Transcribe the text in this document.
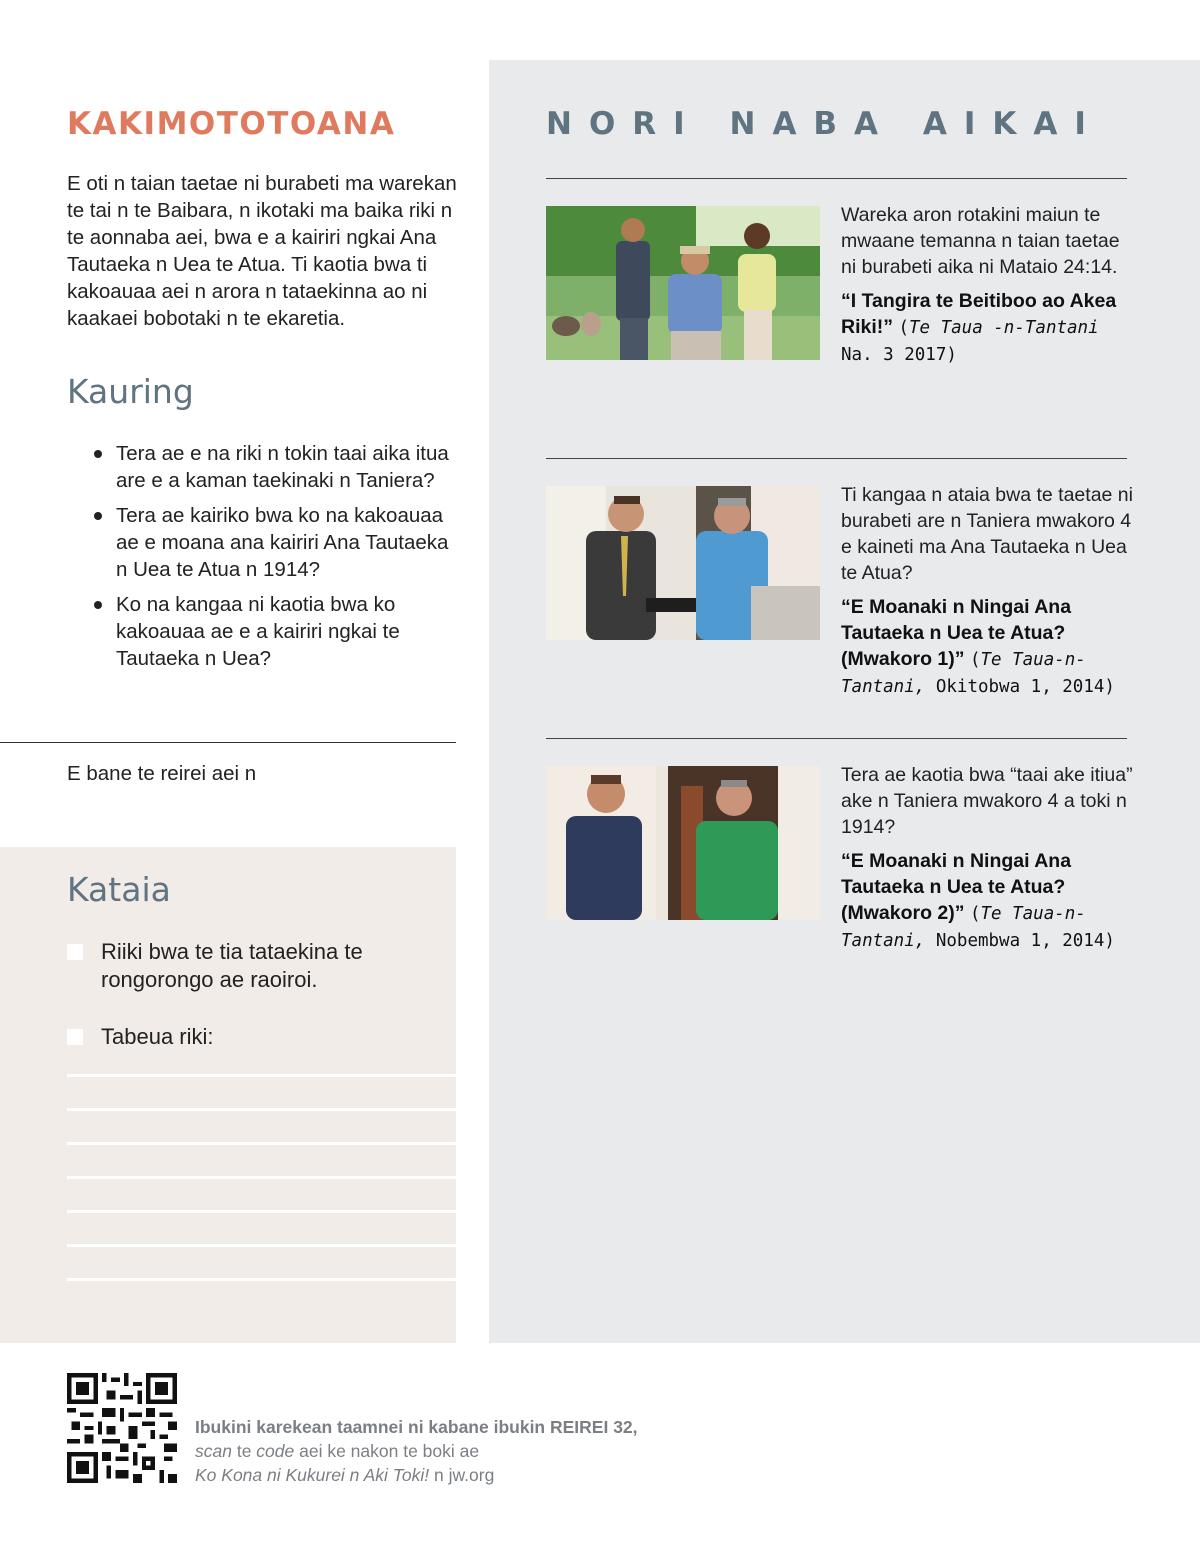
KAKIMOTOTOANA

E oti n taian taetae ni burabeti ma warekan te tai n te Baibara, n ikotaki ma baika riki n te aonnaba aei, bwa e a kairiri ngkai Ana Tautaeka n Uea te Atua. Ti kaotia bwa ti kakoauaa aei n arora n tataekinna ao ni kaakaei bobotaki n te ekaretia.

Kauring
Tera ae e na riki n tokin taai aika itua are e a kaman taekinaki n Taniera?
Tera ae kairiko bwa ko na kakoauaa ae e moana ana kairiri Ana Tautaeka n Uea te Atua n 1914?
Ko na kangaa ni kaotia bwa ko kakoauaa ae e a kairiri ngkai te Tautaeka n Uea?

E bane te reirei aei n

Kataia
Riiki bwa te tia tataekina te rongorongo ae raoiroi.
Tabeua riki:
NORI NABA AIKAI

Wareka aron rotakini maiun te mwaane temanna n taian taetae ni burabeti aika ni Mataio 24:14.

“I Tangira te Beitiboo ao Akea Riki!” (Te Taua -n-Tantani Na. 3 2017)

Ti kangaa n ataia bwa te taetae ni burabeti are n Taniera mwakoro 4 e kaineti ma Ana Tautaeka n Uea te Atua?

“E Moanaki n Ningai Ana Tautaeka n Uea te Atua? (Mwakoro 1)” (Te Taua-n-Tantani, Okitobwa 1, 2014)

Tera ae kaotia bwa “taai ake itiua” ake n Taniera mwakoro 4 a toki n 1914?

“E Moanaki n Ningai Ana Tautaeka n Uea te Atua? (Mwakoro 2)” (Te Taua-n-Tantani, Nobembwa 1, 2014)

Ibukini karekean taamnei ni kabane ibukin REIREI 32,
scan te code aei ke nakon te boki ae
Ko Kona ni Kukurei n Aki Toki! n jw.org
